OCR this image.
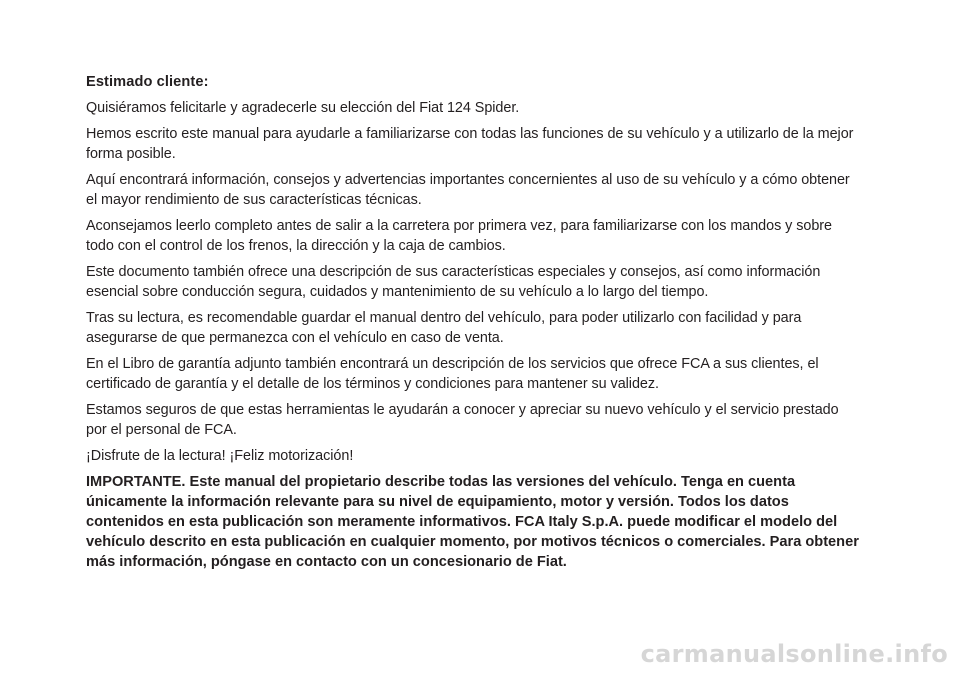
Estimado cliente:
Quisiéramos felicitarle y agradecerle su elección del Fiat 124 Spider.
Hemos escrito este manual para ayudarle a familiarizarse con todas las funciones de su vehículo y a utilizarlo de la mejor forma posible.
Aquí encontrará información, consejos y advertencias importantes concernientes al uso de su vehículo y a cómo obtener el mayor rendimiento de sus características técnicas.
Aconsejamos leerlo completo antes de salir a la carretera por primera vez, para familiarizarse con los mandos y sobre todo con el control de los frenos, la dirección y la caja de cambios.
Este documento también ofrece una descripción de sus características especiales y consejos, así como información esencial sobre conducción segura, cuidados y mantenimiento de su vehículo a lo largo del tiempo.
Tras su lectura, es recomendable guardar el manual dentro del vehículo, para poder utilizarlo con facilidad y para asegurarse de que permanezca con el vehículo en caso de venta.
En el Libro de garantía adjunto también encontrará un descripción de los servicios que ofrece FCA a sus clientes, el certificado de garantía y el detalle de los términos y condiciones para mantener su validez.
Estamos seguros de que estas herramientas le ayudarán a conocer y apreciar su nuevo vehículo y el servicio prestado por el personal de FCA.
¡Disfrute de la lectura! ¡Feliz motorización!
IMPORTANTE. Este manual del propietario describe todas las versiones del vehículo. Tenga en cuenta únicamente la información relevante para su nivel de equipamiento, motor y versión. Todos los datos contenidos en esta publicación son meramente informativos. FCA Italy S.p.A. puede modificar el modelo del vehículo descrito en esta publicación en cualquier momento, por motivos técnicos o comerciales. Para obtener más información, póngase en contacto con un concesionario de Fiat.
carmanualsonline.info
